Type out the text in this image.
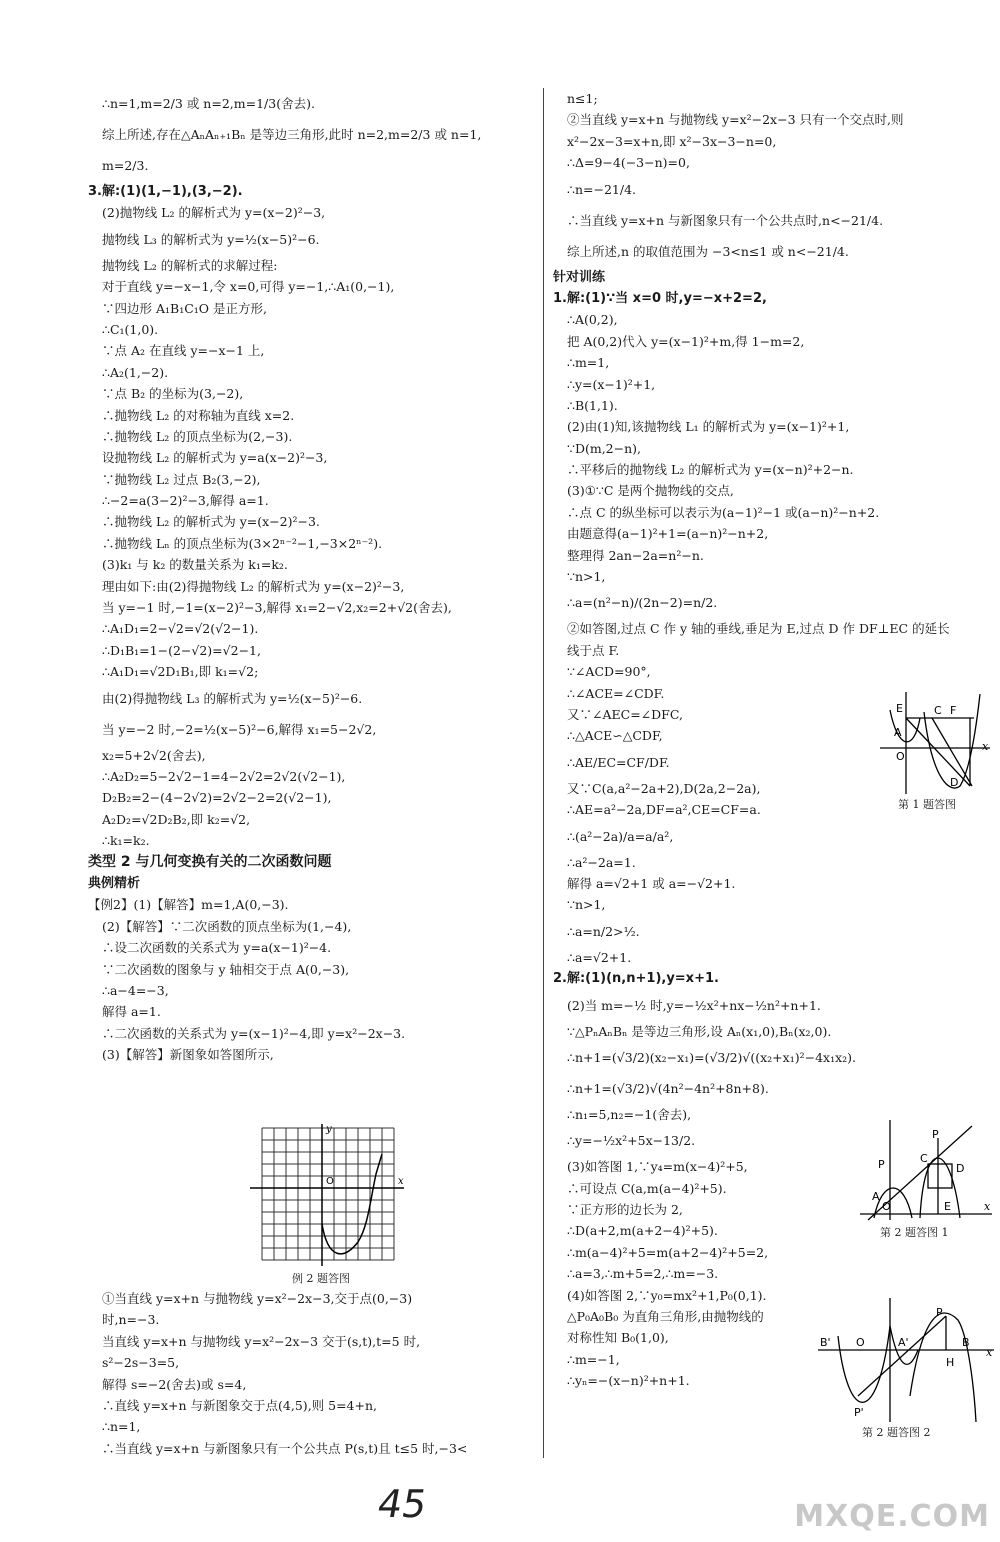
∴n=1,m=2/3 或 n=2,m=1/3(舍去).
综上所述,存在△AₙAₙ₊₁Bₙ 是等边三角形,此时 n=2,m=2/3 或 n=1,
m=2/3.
3.解:(1)(1,−1),(3,−2).
(2)抛物线 L₂ 的解析式为 y=(x−2)²−3,
抛物线 L₃ 的解析式为 y=½(x−5)²−6.
抛物线 L₂ 的解析式的求解过程:
对于直线 y=−x−1,令 x=0,可得 y=−1,∴A₁(0,−1),
∵四边形 A₁B₁C₁O 是正方形,
∴C₁(1,0).
∵点 A₂ 在直线 y=−x−1 上,
∴A₂(1,−2).
∵点 B₂ 的坐标为(3,−2),
∴抛物线 L₂ 的对称轴为直线 x=2.
∴抛物线 L₂ 的顶点坐标为(2,−3).
设抛物线 L₂ 的解析式为 y=a(x−2)²−3,
∵抛物线 L₂ 过点 B₂(3,−2),
∴−2=a(3−2)²−3,解得 a=1.
∴抛物线 L₂ 的解析式为 y=(x−2)²−3.
∴抛物线 Lₙ 的顶点坐标为(3×2ⁿ⁻²−1,−3×2ⁿ⁻²).
(3)k₁ 与 k₂ 的数量关系为 k₁=k₂.
理由如下:由(2)得抛物线 L₂ 的解析式为 y=(x−2)²−3,
当 y=−1 时,−1=(x−2)²−3,解得 x₁=2−√2,x₂=2+√2(舍去),
∴A₁D₁=2−√2=√2(√2−1).
∴D₁B₁=1−(2−√2)=√2−1,
∴A₁D₁=√2D₁B₁,即 k₁=√2;
由(2)得抛物线 L₃ 的解析式为 y=½(x−5)²−6.
当 y=−2 时,−2=½(x−5)²−6,解得 x₁=5−2√2,
x₂=5+2√2(舍去),
∴A₂D₂=5−2√2−1=4−2√2=2√2(√2−1),
D₂B₂=2−(4−2√2)=2√2−2=2(√2−1),
A₂D₂=√2D₂B₂,即 k₂=√2,
∴k₁=k₂.
类型 2 与几何变换有关的二次函数问题
典例精析
【例2】(1)【解答】m=1,A(0,−3).
(2)【解答】∵二次函数的顶点坐标为(1,−4),
∴设二次函数的关系式为 y=a(x−1)²−4.
∵二次函数的图象与 y 轴相交于点 A(0,−3),
∴a−4=−3,
解得 a=1.
∴二次函数的关系式为 y=(x−1)²−4,即 y=x²−2x−3.
(3)【解答】新图象如答图所示,
①当直线 y=x+n 与抛物线 y=x²−2x−3,交于点(0,−3)
时,n=−3.
当直线 y=x+n 与抛物线 y=x²−2x−3 交于(s,t),t=5 时,
s²−2s−3=5,
解得 s=−2(舍去)或 s=4,
∴直线 y=x+n 与新图象交于点(4,5),则 5=4+n,
∴n=1,
∴当直线 y=x+n 与新图象只有一个公共点 P(s,t)且 t≤5 时,−3<
n≤1;
②当直线 y=x+n 与抛物线 y=x²−2x−3 只有一个交点时,则
x²−2x−3=x+n,即 x²−3x−3−n=0,
∴Δ=9−4(−3−n)=0,
∴n=−21/4.
∴当直线 y=x+n 与新图象只有一个公共点时,n<−21/4.
综上所述,n 的取值范围为 −3<n≤1 或 n<−21/4.
针对训练
1.解:(1)∵当 x=0 时,y=−x+2=2,
∴A(0,2),
把 A(0,2)代入 y=(x−1)²+m,得 1−m=2,
∴m=1,
∴y=(x−1)²+1,
∴B(1,1).
(2)由(1)知,该抛物线 L₁ 的解析式为 y=(x−1)²+1,
∵D(m,2−n),
∴平移后的抛物线 L₂ 的解析式为 y=(x−n)²+2−n.
(3)①∵C 是两个抛物线的交点,
∴点 C 的纵坐标可以表示为(a−1)²−1 或(a−n)²−n+2.
由题意得(a−1)²+1=(a−n)²−n+2,
整理得 2an−2a=n²−n.
∵n>1,
∴a=(n²−n)/(2n−2)=n/2.
②如答图,过点 C 作 y 轴的垂线,垂足为 E,过点 D 作 DF⊥EC 的延长
线于点 F.
∵∠ACD=90°,
∴∠ACE=∠CDF.
又∵∠AEC=∠DFC,
∴△ACE∽△CDF,
∴AE/EC=CF/DF.
又∵C(a,a²−2a+2),D(2a,2−2a),
∴AE=a²−2a,DF=a²,CE=CF=a.
∴(a²−2a)/a=a/a²,
∴a²−2a=1.
解得 a=√2+1 或 a=−√2+1.
∵n>1,
∴a=n/2>½.
∴a=√2+1.
2.解:(1)(n,n+1),y=x+1.
(2)当 m=−½ 时,y=−½x²+nx−½n²+n+1.
∵△PₙAₙBₙ 是等边三角形,设 Aₙ(x₁,0),Bₙ(x₂,0).
∴n+1=(√3/2)(x₂−x₁)=(√3/2)√((x₂+x₁)²−4x₁x₂).
∴n+1=(√3/2)√(4n²−4n²+8n+8).
∴n₁=5,n₂=−1(舍去),
∴y=−½x²+5x−13/2.
(3)如答图 1,∵y₄=m(x−4)²+5,
∴可设点 C(a,m(a−4)²+5).
∵正方形的边长为 2,
∴D(a+2,m(a+2−4)²+5).
∴m(a−4)²+5=m(a+2−4)²+5=2,
∴a=3,∴m+5=2,∴m=−3.
(4)如答图 2,∵y₀=mx²+1,P₀(0,1).
△P₀A₀B₀ 为直角三角形,由抛物线的
对称性知 B₀(1,0),
∴m=−1,
∴yₙ=−(x−n)²+n+1.
O	x
y
例 2 题答图
E
A
O
C F
D
x
第 1 题答图
P
P
A
C
D
O	E	x
第 2 题答图 1
B' O	A'
P
H
B
P'
x
第 2 题答图 2
45	MXQE.COM
